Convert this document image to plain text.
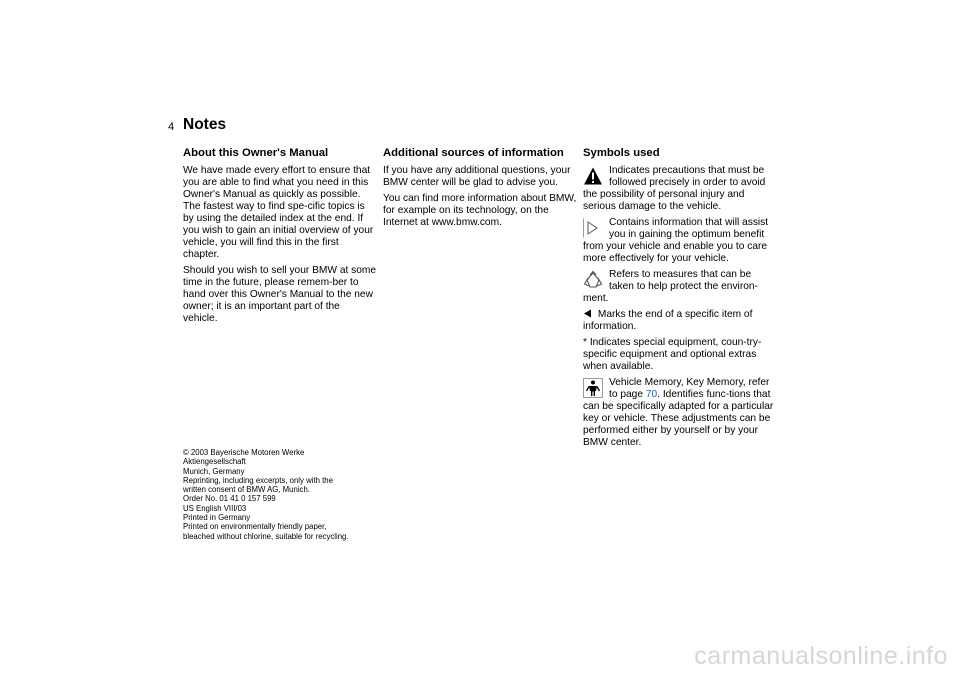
4 Notes
About this Owner's Manual

We have made every effort to ensure that you are able to find what you need in this Owner's Manual as quickly as possible. The fastest way to find spe-cific topics is by using the detailed index at the end. If you wish to gain an initial overview of your vehicle, you will find this in the first chapter.

Should you wish to sell your BMW at some time in the future, please remem-ber to hand over this Owner's Manual to the new owner; it is an important part of the vehicle.

Additional sources of information

If you have any additional questions, your BMW center will be glad to advise you.

You can find more information about BMW, for example on its technology, on the Internet at www.bmw.com.

Symbols used
Indicates precautions that must be followed precisely in order to avoid the possibility of personal injury and serious damage to the vehicle.
Contains information that will assist you in gaining the optimum benefit from your vehicle and enable you to care more effectively for your vehicle.
Refers to measures that can be taken to help protect the environ-ment.
Marks the end of a specific item of information.
* Indicates special equipment, coun-try-specific equipment and optional extras when available.
Vehicle Memory, Key Memory, refer to page 70. Identifies func-tions that can be specifically adapted for a particular key or vehicle. These adjustments can be performed either by yourself or by your BMW center.
© 2003 Bayerische Motoren Werke
Aktiengesellschaft
Munich, Germany
Reprinting, including excerpts, only with the
written consent of BMW AG, Munich.
Order No. 01 41 0 157 599
US English VIII/03
Printed in Germany
Printed on environmentally friendly paper,
bleached without chlorine, suitable for recycling.
carmanualsonline.info
